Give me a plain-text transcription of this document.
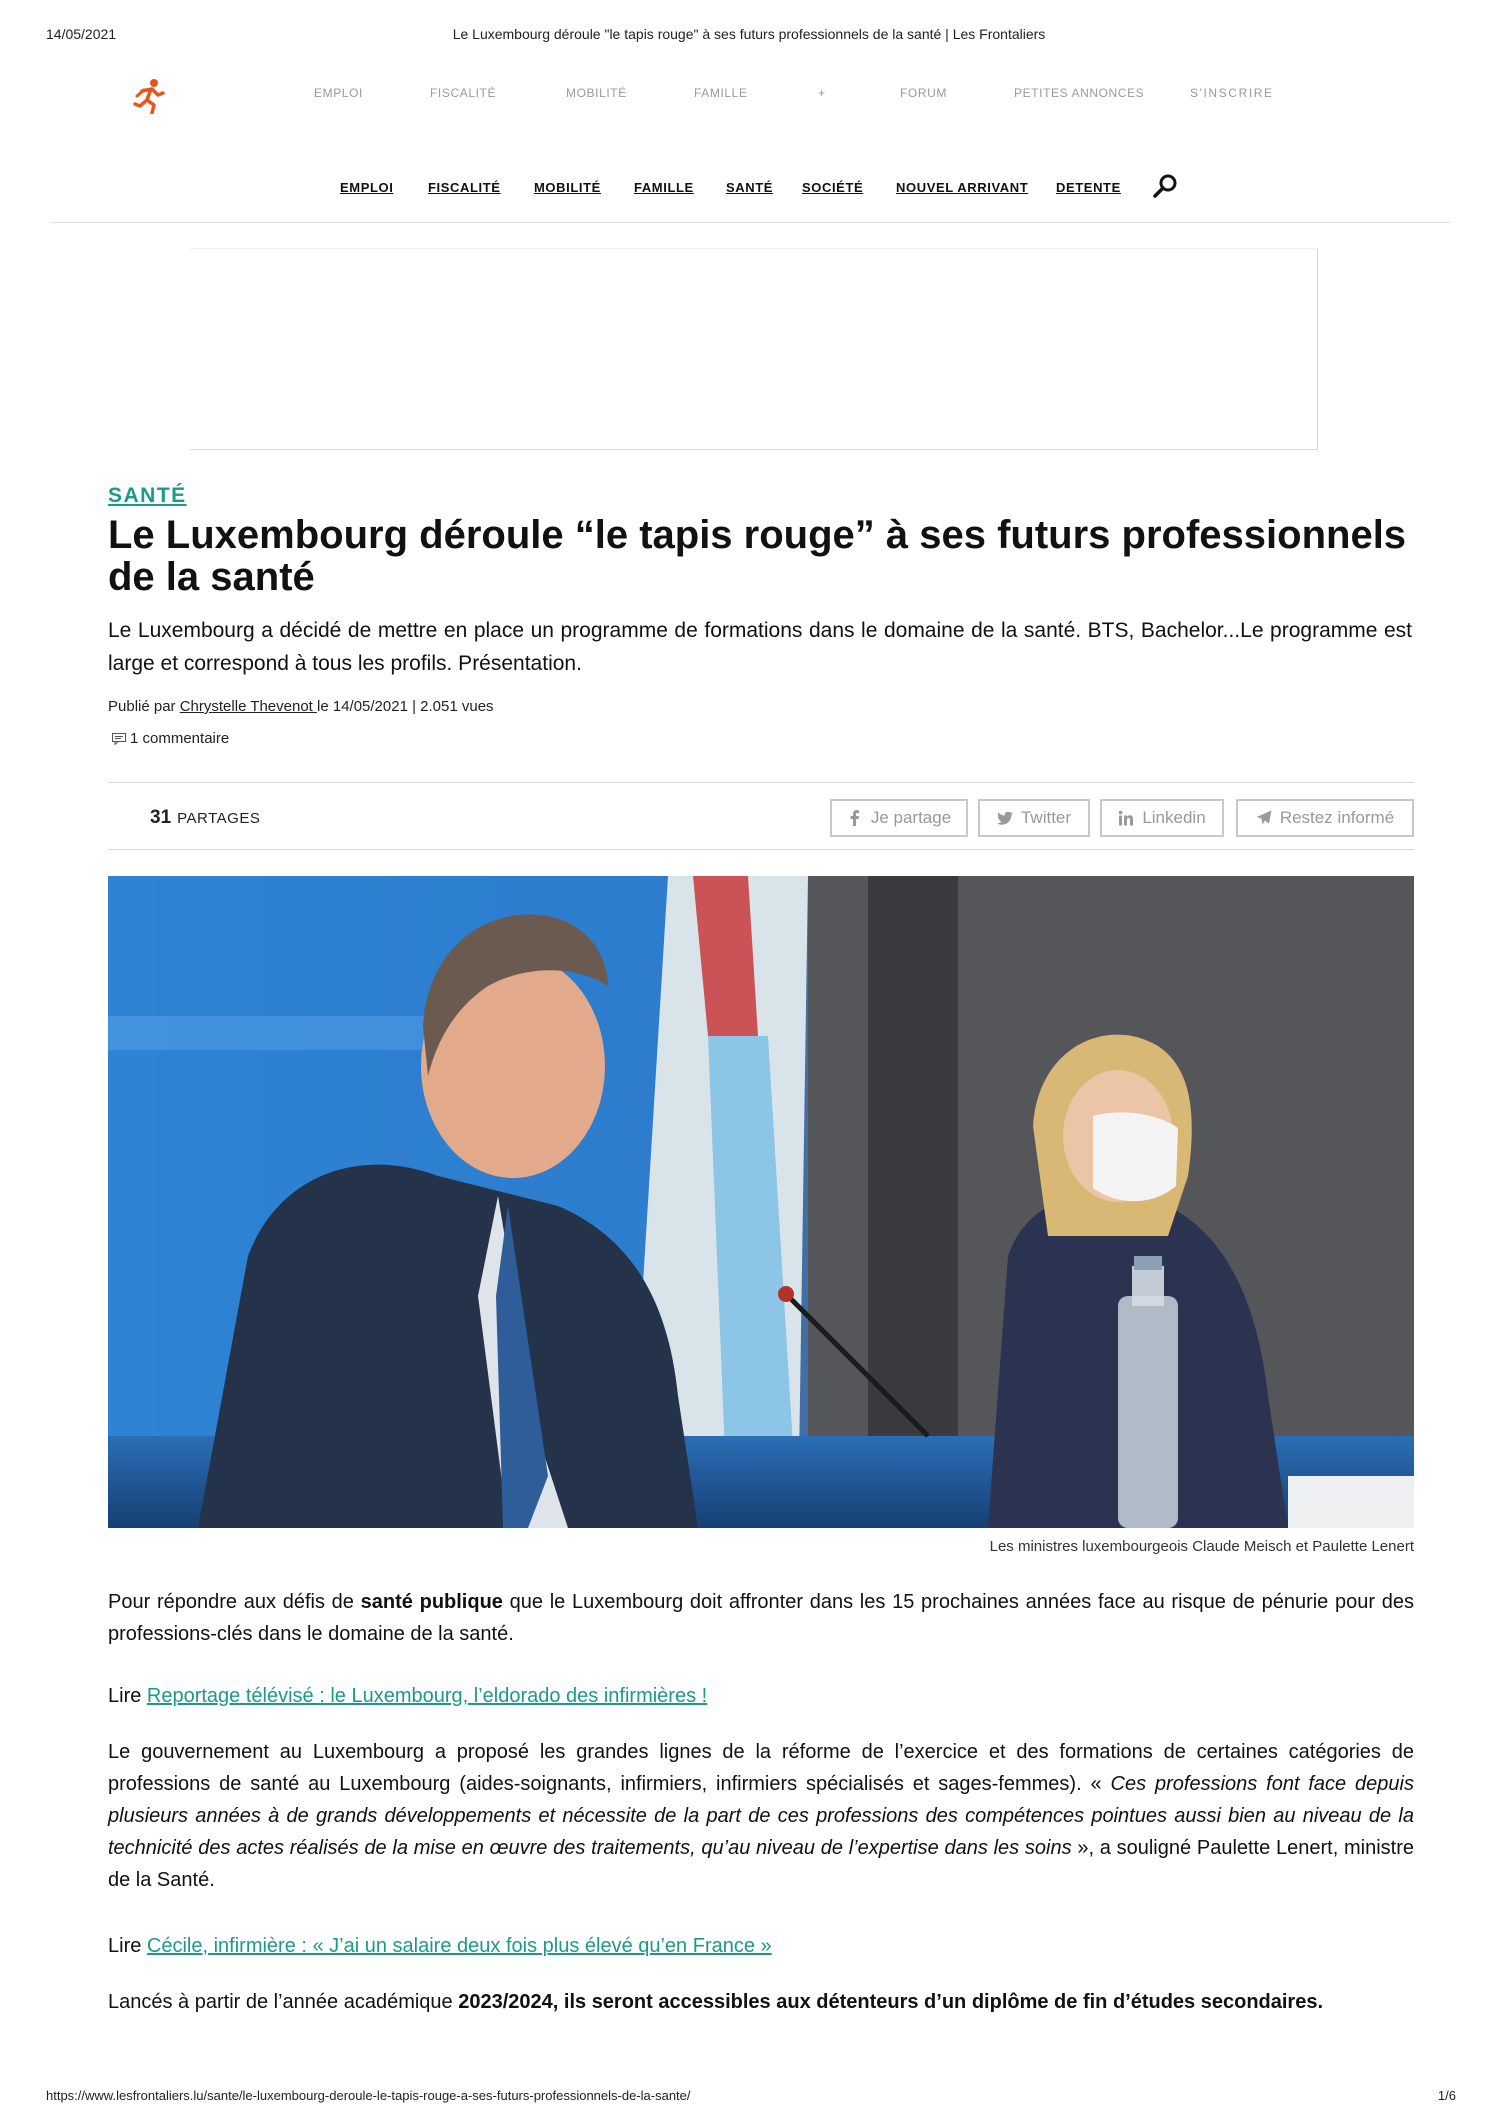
14/05/2021	Le Luxembourg déroule "le tapis rouge" à ses futurs professionnels de la santé | Les Frontaliers
EMPLOI	FISCALITÉ	MOBILITÉ	FAMILLE	+	FORUM	PETITES ANNONCES	S'INSCRIRE
EMPLOI	FISCALITÉ	MOBILITÉ	FAMILLE SANTÉ SOCIÉTÉ	NOUVEL ARRIVANT DETENTE
SANTÉ
Le Luxembourg déroule “le tapis rouge” à ses futurs professionnels de la santé

Le Luxembourg a décidé de mettre en place un programme de formations dans le domaine de la santé. BTS, Bachelor...Le programme est large et correspond à tous les profils. Présentation.

Publié par Chrystelle Thevenot le 14/05/2021 | 2.051 vues
1 commentaire
31 PARTAGES	Je partage	Twitter	Linkedin	Restez informé
Les ministres luxembourgeois Claude Meisch et Paulette Lenert

Pour répondre aux défis de santé publique que le Luxembourg doit affronter dans les 15 prochaines années face au risque de pénurie pour des professions-clés dans le domaine de la santé.

Lire Reportage télévisé : le Luxembourg, l’eldorado des infirmières !

Le gouvernement au Luxembourg a proposé les grandes lignes de la réforme de l’exercice et des formations de certaines catégories de professions de santé au Luxembourg (aides-soignants, infirmiers, infirmiers spécialisés et sages-femmes). « Ces professions font face depuis plusieurs années à de grands développements et nécessite de la part de ces professions des compétences pointues aussi bien au niveau de la technicité des actes réalisés de la mise en œuvre des traitements, qu’au niveau de l’expertise dans les soins », a souligné Paulette Lenert, ministre de la Santé.

Lire Cécile, infirmière : « J’ai un salaire deux fois plus élevé qu’en France »

Lancés à partir de l’année académique 2023/2024, ils seront accessibles aux détenteurs d’un diplôme de fin d’études secondaires.

https://www.lesfrontaliers.lu/sante/le-luxembourg-deroule-le-tapis-rouge-a-ses-futurs-professionnels-de-la-sante/	1/6
